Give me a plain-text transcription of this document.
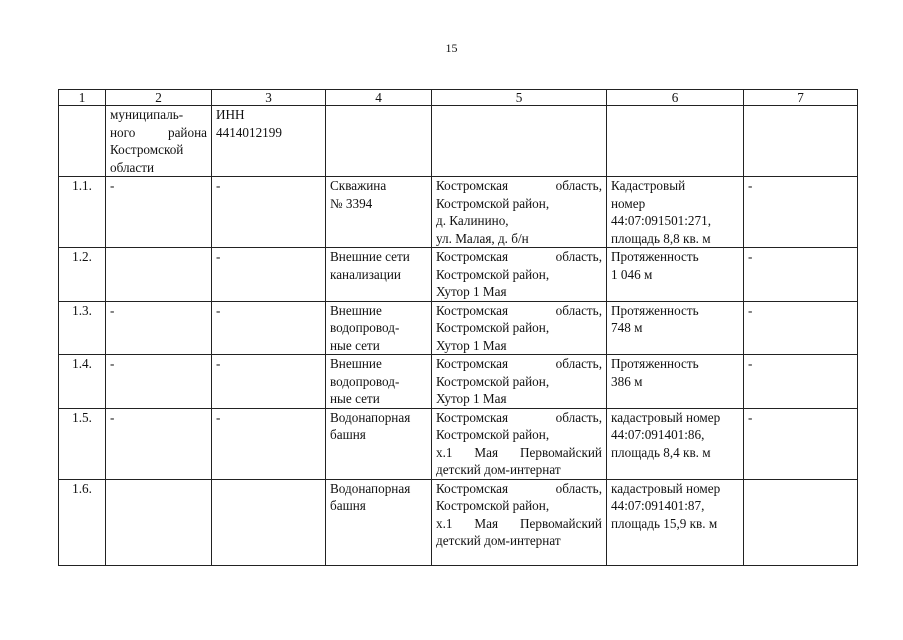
15
1	2	3	4	5	6	7

	муниципаль-
ного района
Костромской
области	ИНН
4414012199				

1.1.	-	-	Скважина
№ 3394	Костромская область,
Костромской район,
д. Калинино,
ул. Малая, д. б/н	Кадастровый
номер
44:07:091501:271,
площадь 8,8 кв. м	-
1.2.		-	Внешние сети
канализации	Костромская область,
Костромской район,
Хутор 1 Мая	Протяженность
1 046 м	-
1.3.	-	-	Внешние
водопровод-
ные сети	Костромская область,
Костромской район,
Хутор 1 Мая	Протяженность
748 м	-
1.4.	-	-	Внешние
водопровод-
ные сети	Костромская область,
Костромской район,
Хутор 1 Мая	Протяженность
386 м	-
1.5.	-	-	Водонапорная
башня	Костромская область,
Костромской район,
х.1 Мая Первомайский
детский дом-интернат	кадастровый номер
44:07:091401:86,
площадь 8,4 кв. м	-
1.6.			Водонапорная
башня	Костромская область,
Костромской район,
х.1 Мая Первомайский
детский дом-интернат	кадастровый номер
44:07:091401:87,
площадь 15,9 кв. м	
